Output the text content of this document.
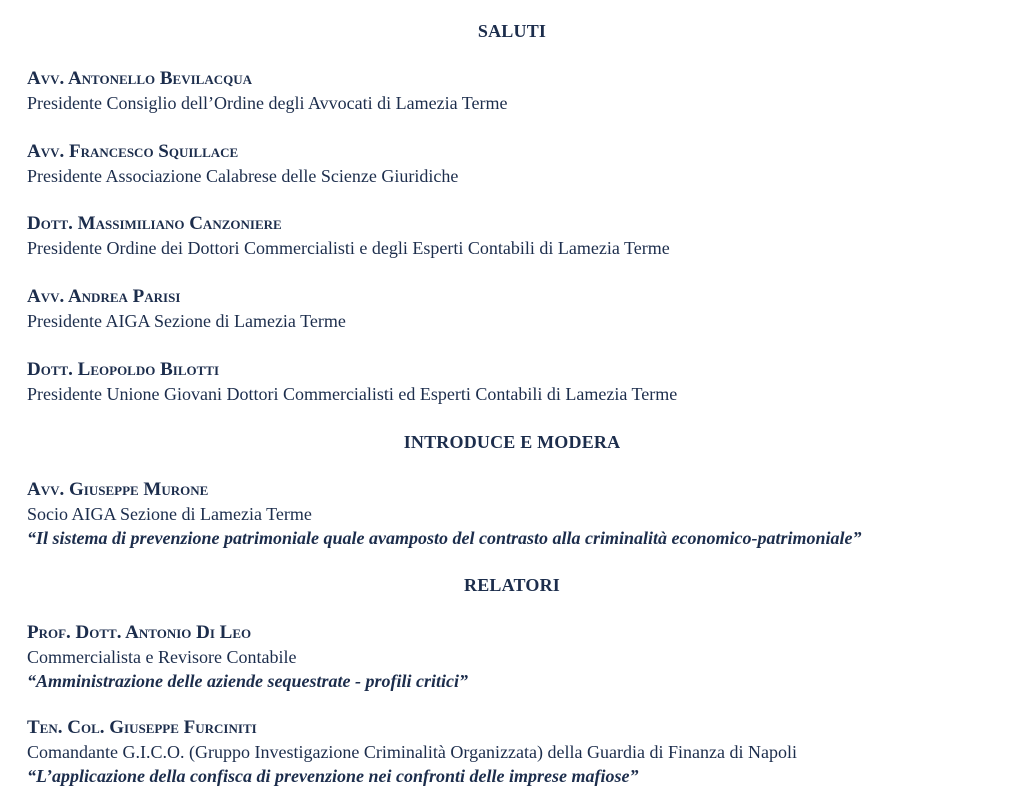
SALUTI
Avv. Antonello Bevilacqua
Presidente Consiglio dell’Ordine degli Avvocati di Lamezia Terme
Avv. Francesco Squillace
Presidente Associazione Calabrese delle Scienze Giuridiche
Dott. Massimiliano Canzoniere
Presidente Ordine dei Dottori Commercialisti e degli Esperti Contabili di Lamezia Terme
Avv. Andrea Parisi
Presidente AIGA Sezione di Lamezia Terme
Dott. Leopoldo Bilotti
Presidente Unione Giovani Dottori Commercialisti ed Esperti Contabili di Lamezia Terme
INTRODUCE E MODERA
Avv. Giuseppe Murone
Socio AIGA Sezione di Lamezia Terme
“Il sistema di prevenzione patrimoniale quale avamposto del contrasto alla criminalità economico-patrimoniale”
RELATORI
Prof. Dott. Antonio Di Leo
Commercialista e Revisore Contabile
“Amministrazione delle aziende sequestrate - profili critici”
Ten. Col. Giuseppe Furciniti
Comandante G.I.C.O. (Gruppo Investigazione Criminalità Organizzata) della Guardia di Finanza di Napoli
“L’applicazione della confisca di prevenzione nei confronti delle imprese mafiose”
